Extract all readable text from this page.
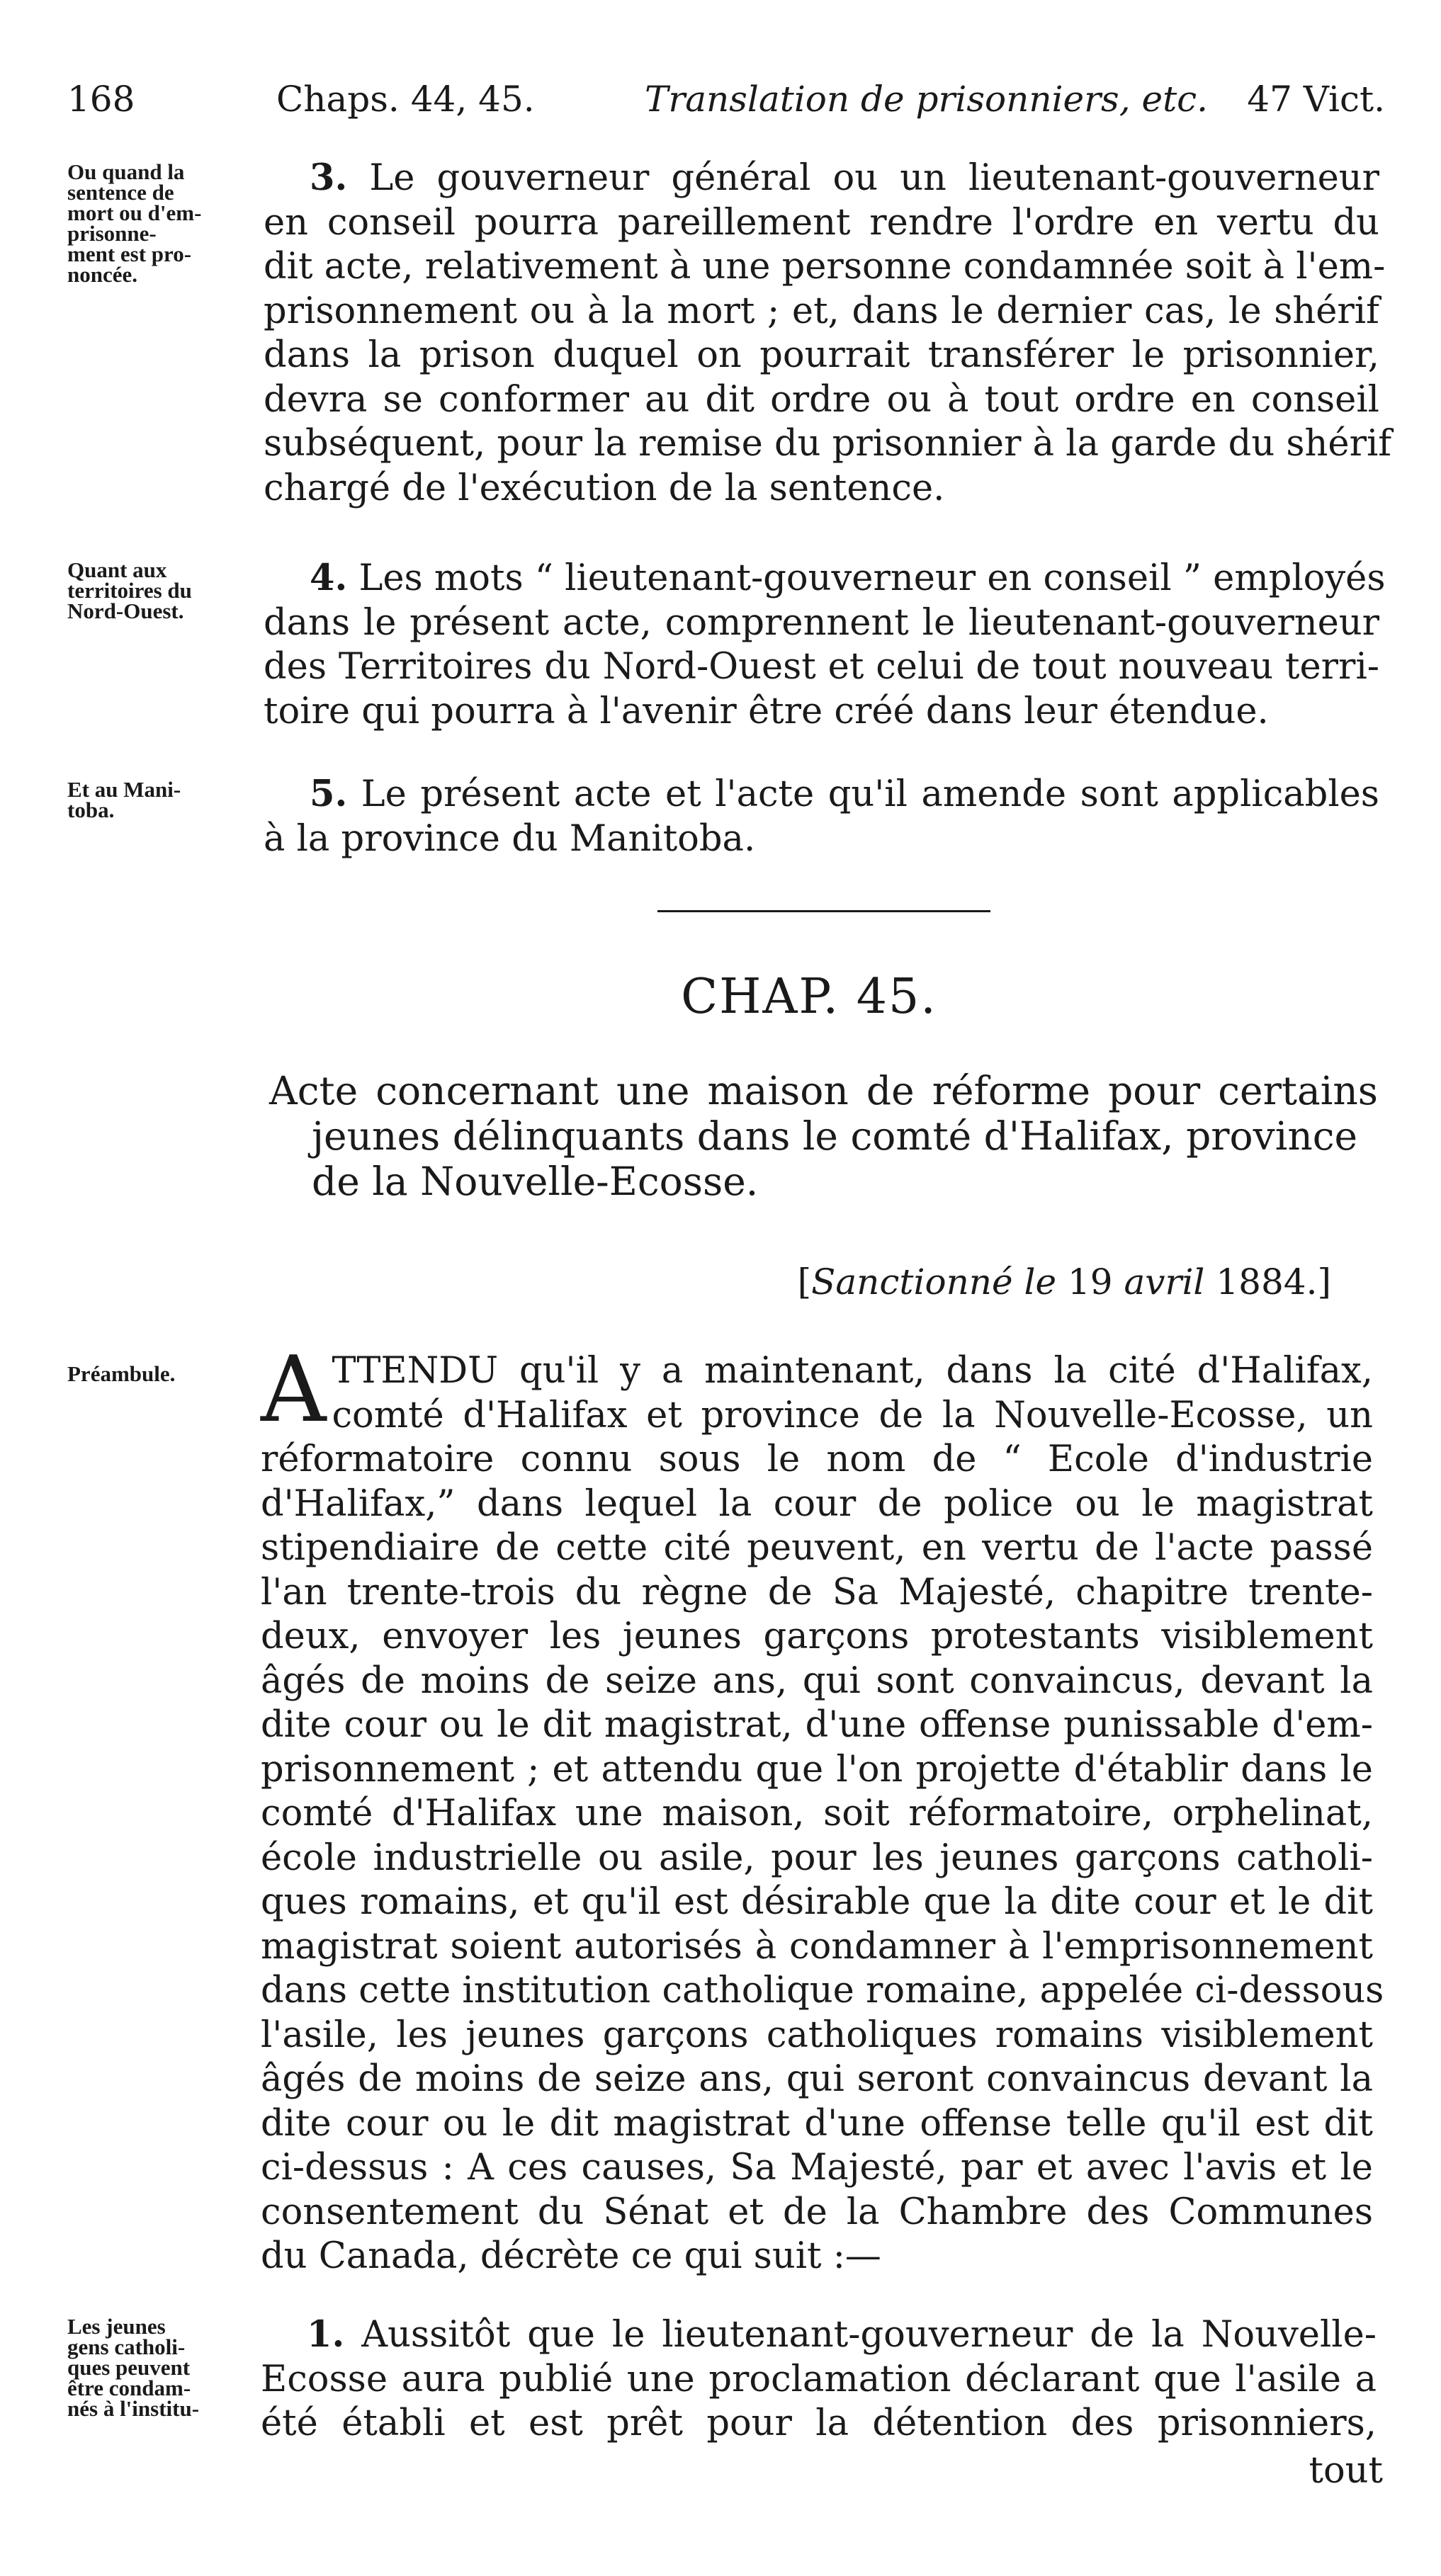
168	Chaps. 44, 45.	Translation de prisonniers, etc. 47 Vict.
Ou quand la
sentence de
mort ou d'em-
prisonne-
ment est pro-
noncée.
3. Le gouverneur général ou un lieutenant-gouverneur
en conseil pourra pareillement rendre l'ordre en vertu du
dit acte, relativement à une personne condamnée soit à l'em-
prisonnement ou à la mort ; et, dans le dernier cas, le shérif
dans la prison duquel on pourrait transférer le prisonnier,
devra se conformer au dit ordre ou à tout ordre en conseil
subséquent, pour la remise du prisonnier à la garde du shérif
chargé de l'exécution de la sentence.
Quant aux
territoires du
Nord-Ouest.
4. Les mots “ lieutenant-gouverneur en conseil ” employés
dans le présent acte, comprennent le lieutenant-gouverneur
des Territoires du Nord-Ouest et celui de tout nouveau terri-
toire qui pourra à l'avenir être créé dans leur étendue.
Et au Mani-
toba.	5. Le présent acte et l'acte qu'il amende sont applicables
à la province du Manitoba.
CHAP. 45.
Acte concernant une maison de réforme pour certains
jeunes délinquants dans le comté d'Halifax, province
de la Nouvelle-Ecosse.
[Sanctionné le 19 avril 1884.]
Préambule. A TTENDU qu'il y a maintenant, dans la cité d'Halifax,
comté d'Halifax et province de la Nouvelle-Ecosse, un
réformatoire connu sous le nom de “ Ecole d'industrie
d'Halifax,” dans lequel la cour de police ou le magistrat
stipendiaire de cette cité peuvent, en vertu de l'acte passé
l'an trente-trois du règne de Sa Majesté, chapitre trente-
deux, envoyer les jeunes garçons protestants visiblement
âgés de moins de seize ans, qui sont convaincus, devant la
dite cour ou le dit magistrat, d'une offense punissable d'em-
prisonnement ; et attendu que l'on projette d'établir dans le
comté d'Halifax une maison, soit réformatoire, orphelinat,
école industrielle ou asile, pour les jeunes garçons catholi-
ques romains, et qu'il est désirable que la dite cour et le dit
magistrat soient autorisés à condamner à l'emprisonnement
dans cette institution catholique romaine, appelée ci-dessous
l'asile, les jeunes garçons catholiques romains visiblement
âgés de moins de seize ans, qui seront convaincus devant la
dite cour ou le dit magistrat d'une offense telle qu'il est dit
ci-dessus : A ces causes, Sa Majesté, par et avec l'avis et le
consentement du Sénat et de la Chambre des Communes
du Canada, décrète ce qui suit :—
Les jeunes
gens catholi-
ques peuvent
être condam-
nés à l'institu-
1. Aussitôt que le lieutenant-gouverneur de la Nouvelle-
Ecosse aura publié une proclamation déclarant que l'asile a
été établi et est prêt pour la détention des prisonniers,
tout
